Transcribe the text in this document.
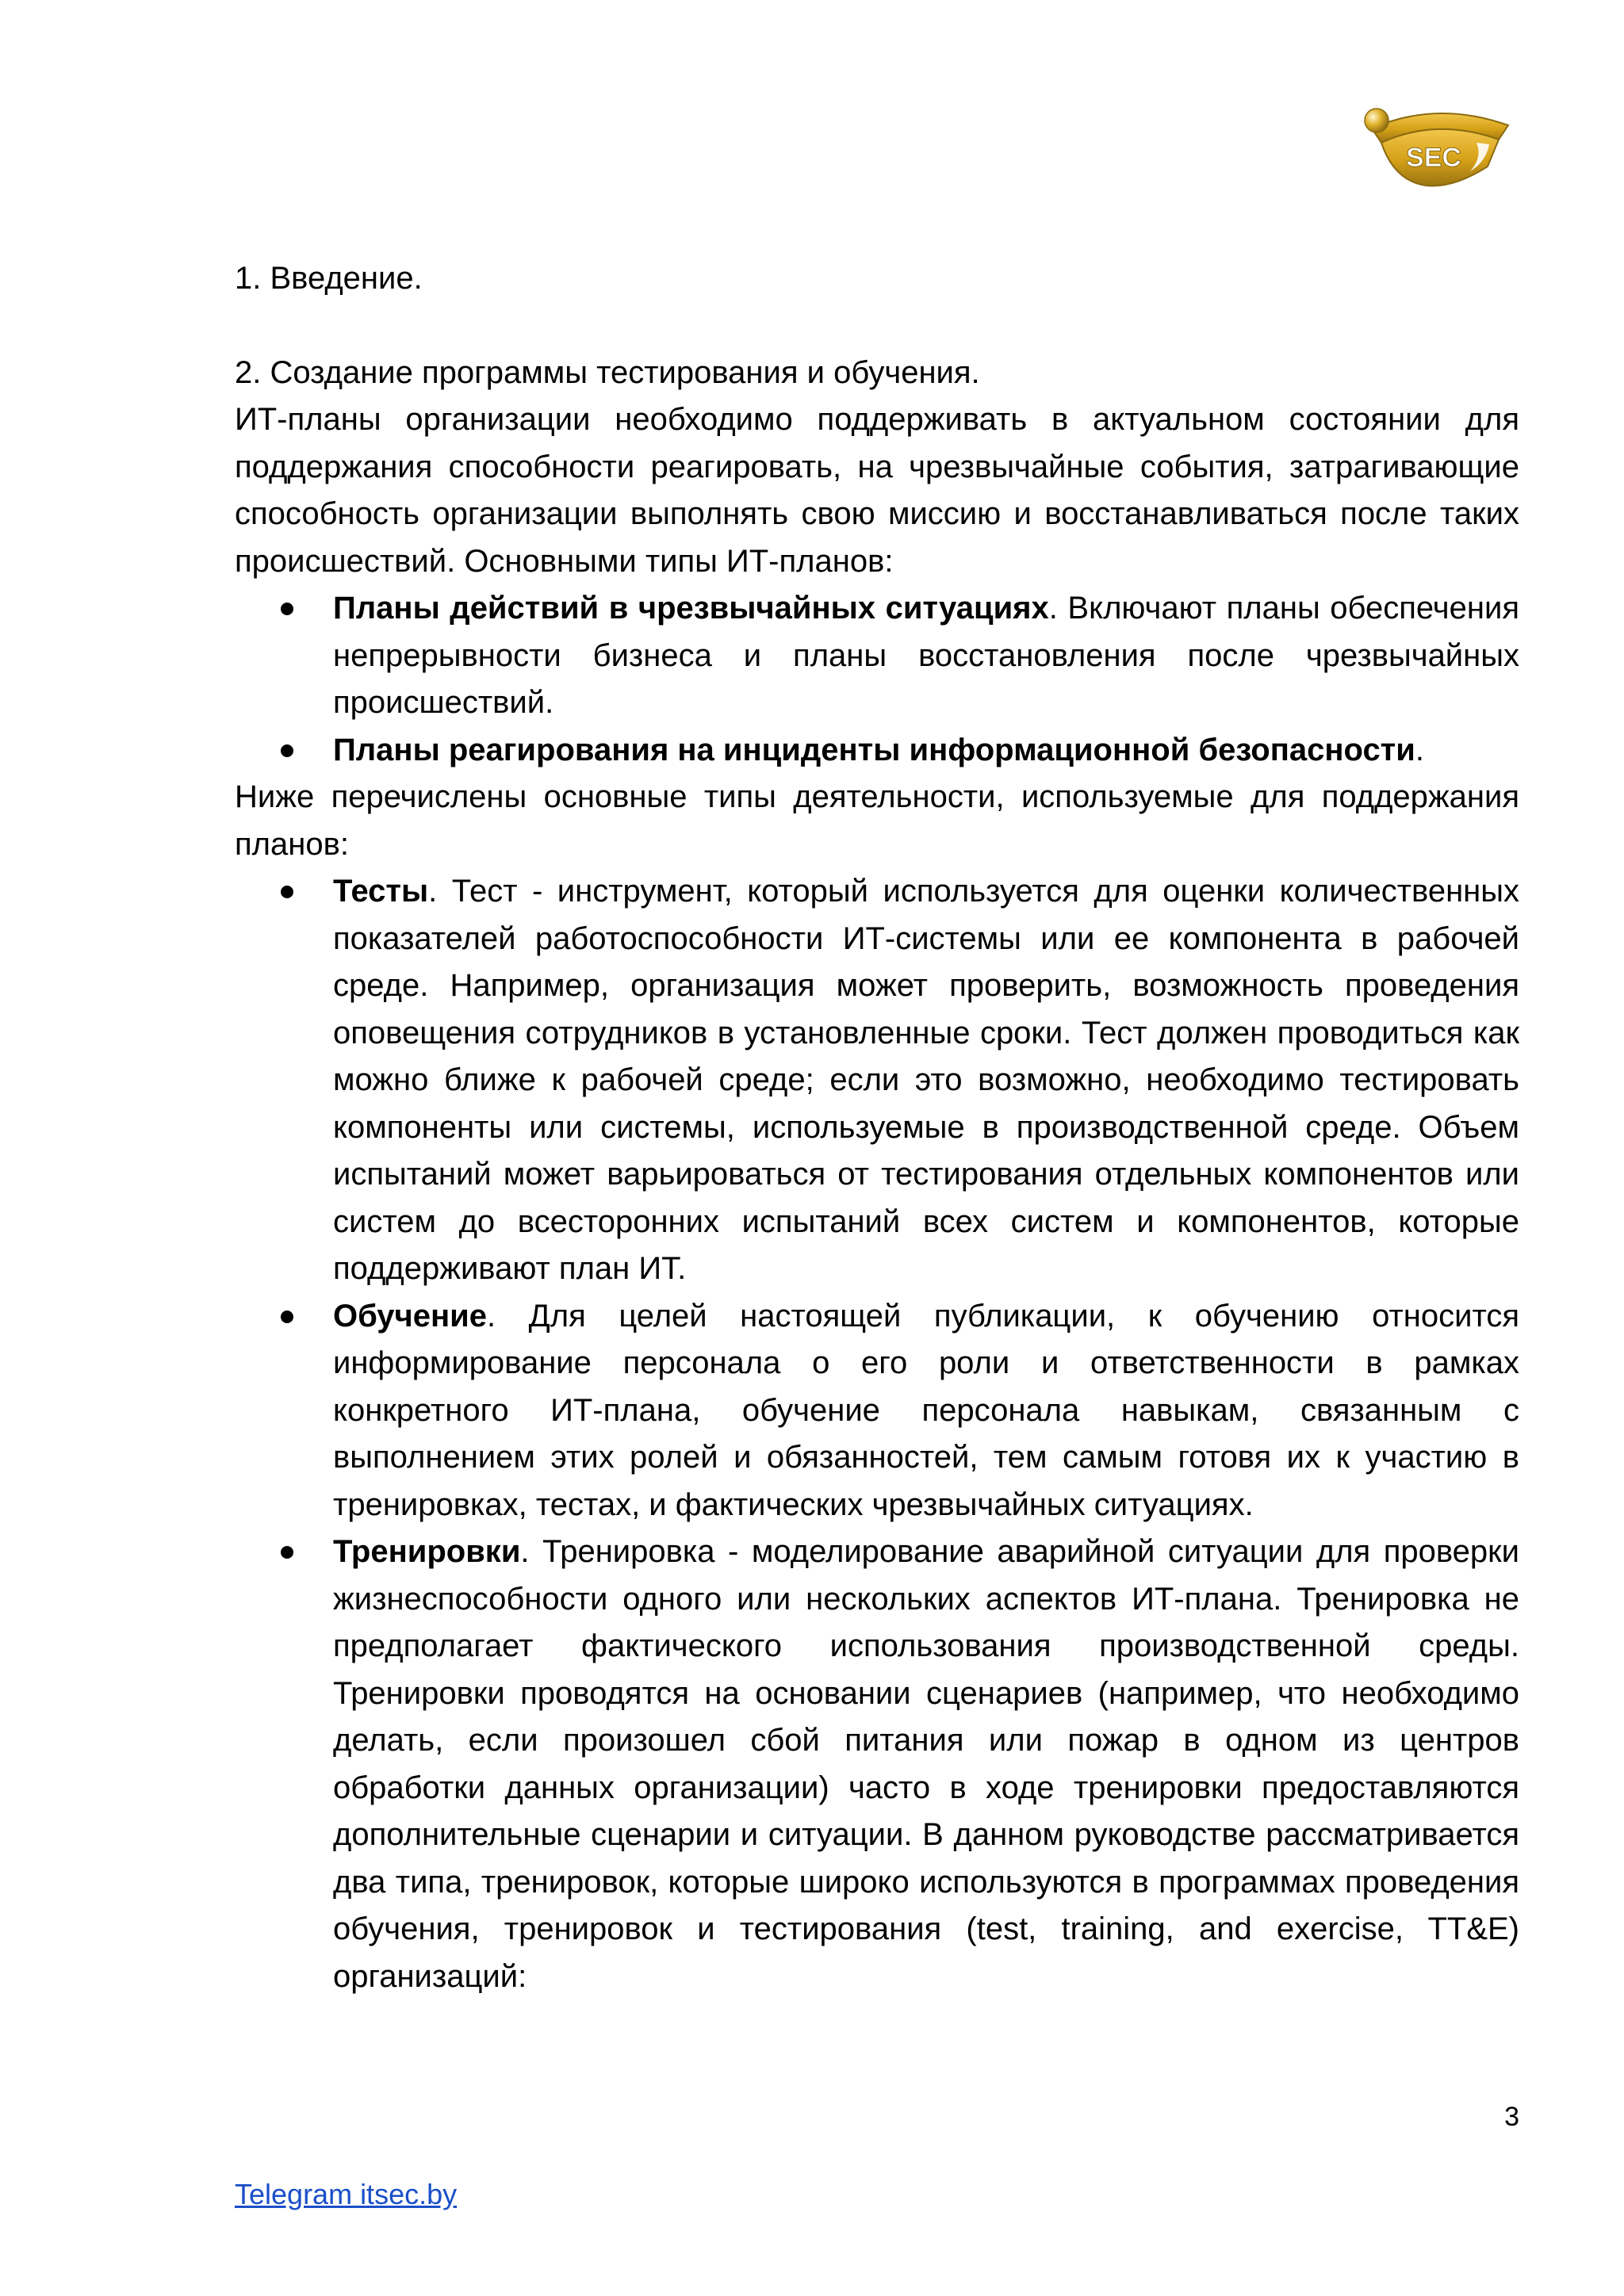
SEC

1. Введение.

2. Создание программы тестирования и обучения.

ИТ-планы организации необходимо поддерживать в актуальном состоянии для поддержания способности реагировать, на чрезвычайные события, затрагивающие способность организации выполнять свою миссию и восстанавливаться после таких происшествий. Основными типы ИТ-планов:

Планы действий в чрезвычайных ситуациях. Включают планы обеспечения непрерывности бизнеса и планы восстановления после чрезвычайных происшествий.
Планы реагирования на инциденты информационной безопасности.

Ниже перечислены основные типы деятельности, используемые для поддержания планов:

Тесты. Тест - инструмент, который используется для оценки количественных показателей работоспособности ИТ-системы или ее компонента в рабочей среде. Например, организация может проверить, возможность проведения оповещения сотрудников в установленные сроки. Тест должен проводиться как можно ближе к рабочей среде; если это возможно, необходимо тестировать компоненты или системы, используемые в производственной среде. Объем испытаний может варьироваться от тестирования отдельных компонентов или систем до всесторонних испытаний всех систем и компонентов, которые поддерживают план ИТ.
Обучение. Для целей настоящей публикации, к обучению относится информирование персонала о его роли и ответственности в рамках конкретного ИТ-плана, обучение персонала навыкам, связанным с выполнением этих ролей и обязанностей, тем самым готовя их к участию в тренировках, тестах, и фактических чрезвычайных ситуациях.
Тренировки. Тренировка - моделирование аварийной ситуации для проверки жизнеспособности одного или нескольких аспектов ИТ-плана. Тренировка не предполагает фактического использования производственной среды. Тренировки проводятся на основании сценариев (например, что необходимо делать, если произошел сбой питания или пожар в одном из центров обработки данных организации) часто в ходе тренировки предоставляются дополнительные сценарии и ситуации. В данном руководстве рассматривается два типа, тренировок, которые широко используются в программах проведения обучения, тренировок и тестирования (test, training, and exercise, TT&E) организаций:
3
Telegram itsec.by
